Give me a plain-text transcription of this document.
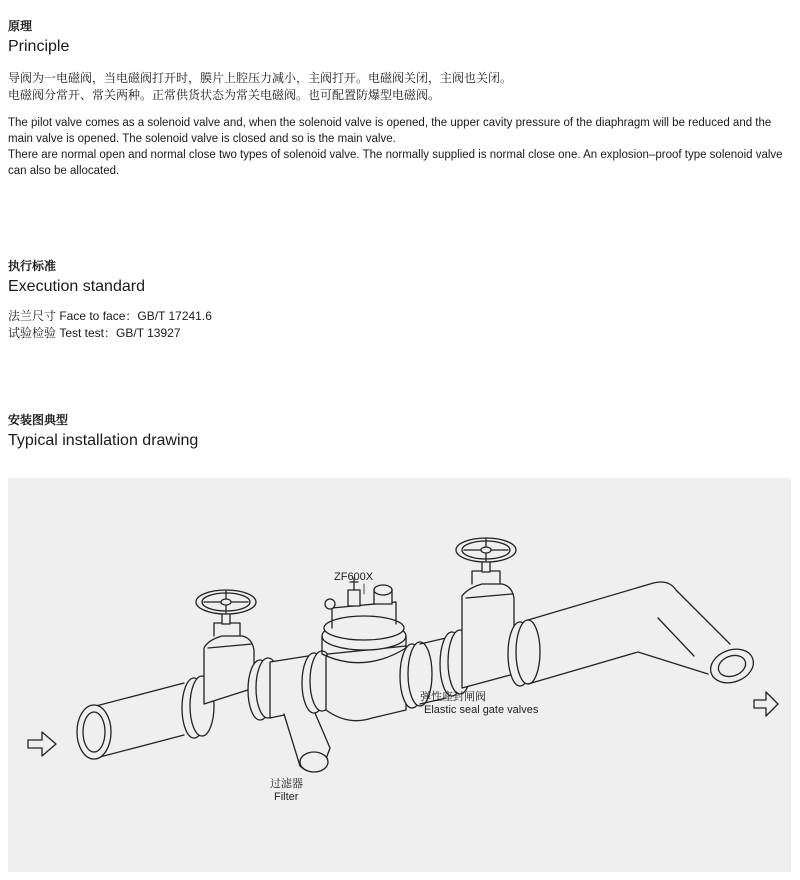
原理
Principle

导阀为一电磁阀，当电磁阀打开时，膜片上腔压力减小，主阀打开。电磁阀关闭，主阀也关闭。

电磁阀分常开、常关两种。正常供货状态为常关电磁阀。也可配置防爆型电磁阀。

The pilot valve comes as a solenoid valve and, when the solenoid valve is opened, the upper cavity pressure of the diaphragm will be reduced and the main valve is opened. The solenoid valve is closed and so is the main valve.

There are normal open and normal close two types of solenoid valve. The normally supplied is normal close one. An explosion–proof type solenoid valve can also be allocated.

执行标准
Execution standard

法兰尺寸 Face to face：GB/T 17241.6

试验检验 Test test：GB/T 13927

安装图典型
Typical installation drawing
ZF600X
弹性座封闸阀
Elastic seal gate valves
过滤器
Filter
